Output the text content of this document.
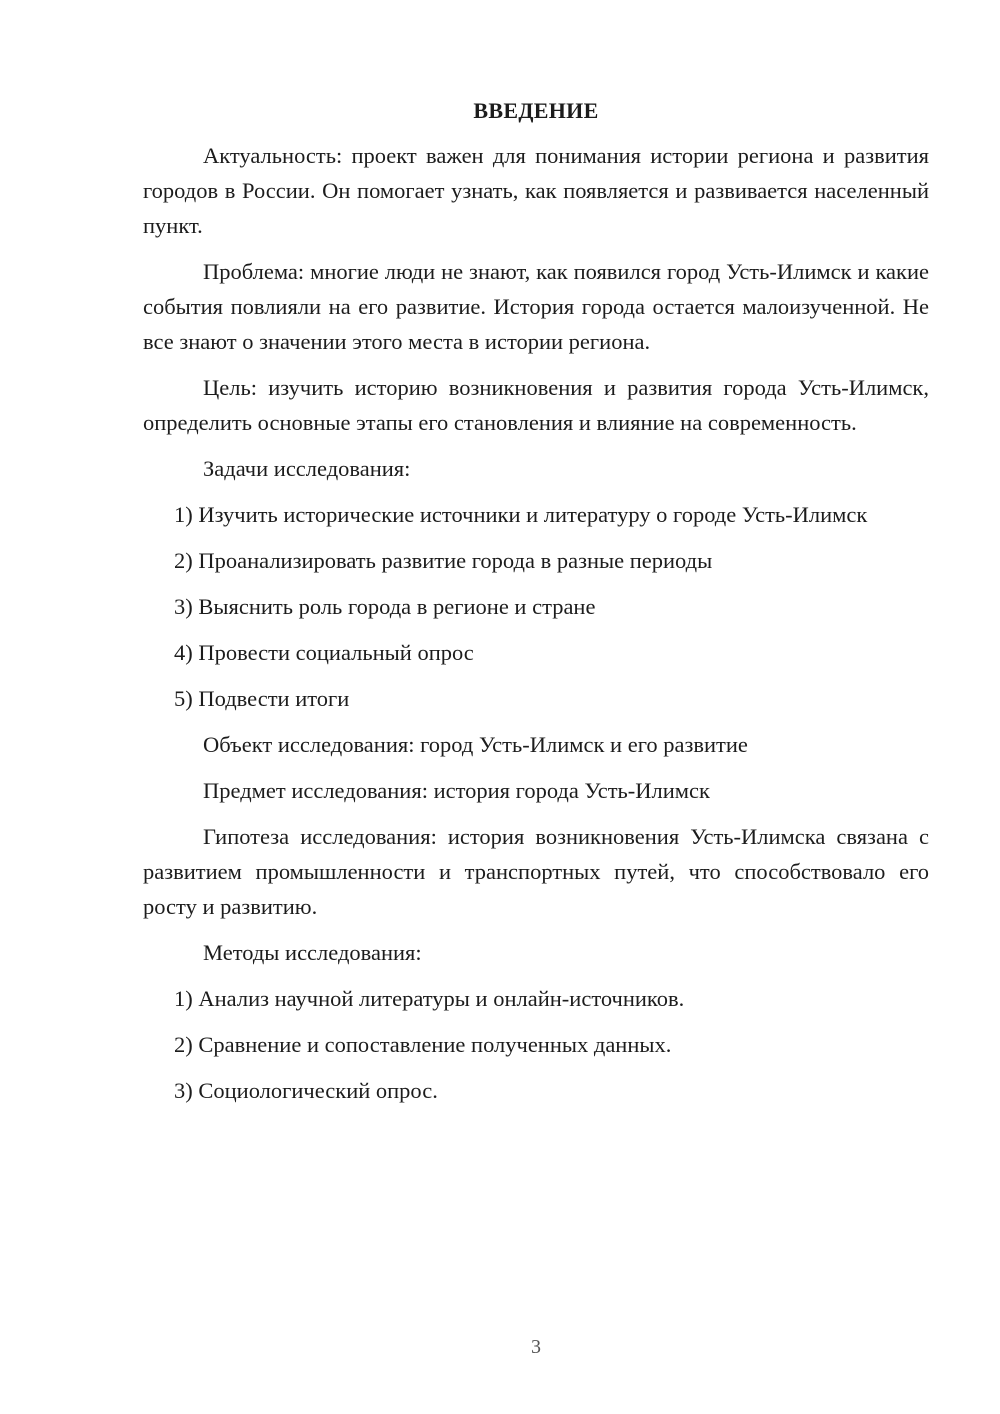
ВВЕДЕНИЕ

Актуальность: проект важен для понимания истории региона и развития городов в России. Он помогает узнать, как появляется и развивается населенный пункт.

Проблема: многие люди не знают, как появился город Усть-Илимск и какие события повлияли на его развитие. История города остается малоизученной. Не все знают о значении этого места в истории региона.

Цель: изучить историю возникновения и развития города Усть-Илимск, определить основные этапы его становления и влияние на современность.

Задачи исследования:

1) Изучить исторические источники и литературу о городе Усть-Илимск

2) Проанализировать развитие города в разные периоды

3) Выяснить роль города в регионе и стране

4) Провести социальный опрос

5) Подвести итоги

Объект исследования: город Усть-Илимск и его развитие

Предмет исследования: история города Усть-Илимск

Гипотеза исследования: история возникновения Усть-Илимска связана с развитием промышленности и транспортных путей, что способствовало его росту и развитию.

Методы исследования:

1) Анализ научной литературы и онлайн-источников.

2) Сравнение и сопоставление полученных данных.

3) Социологический опрос.

3
